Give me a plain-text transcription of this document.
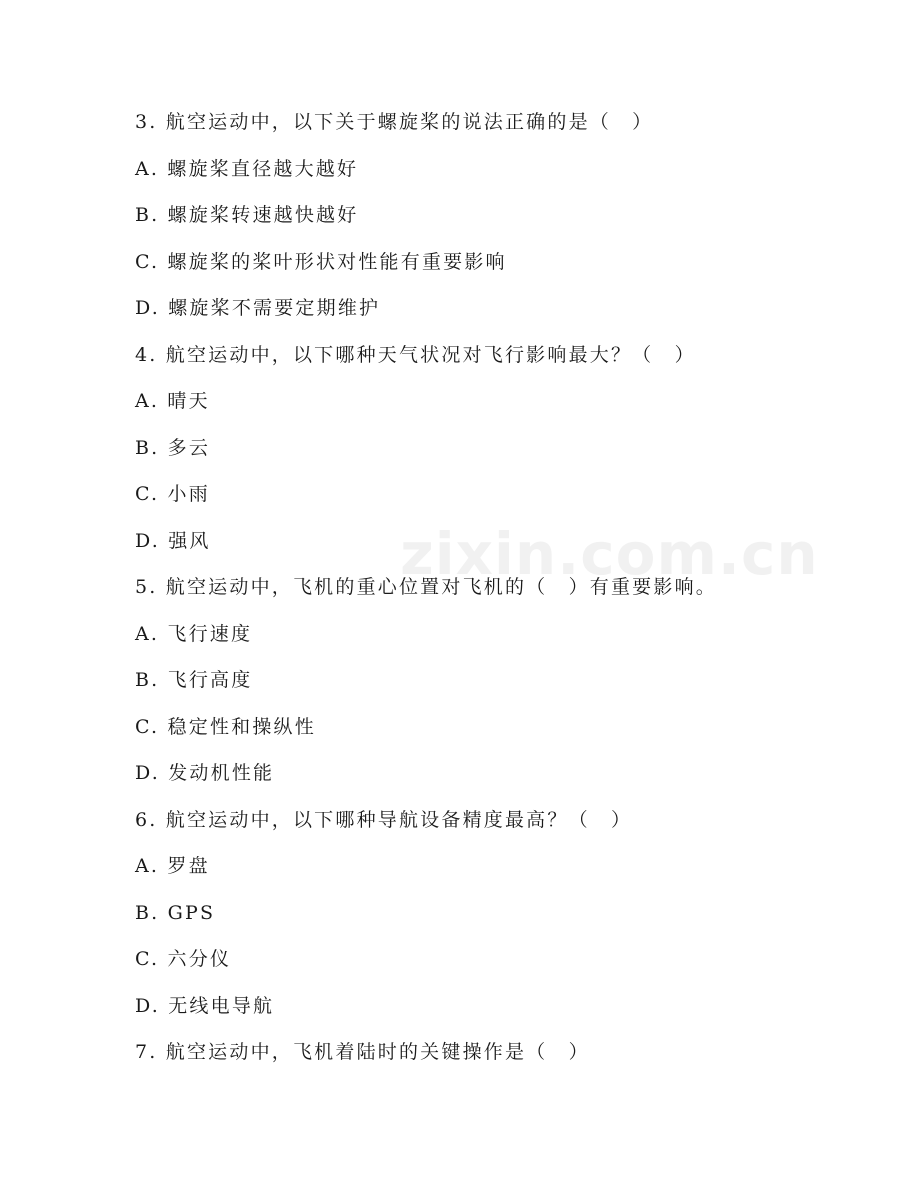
3. 航空运动中，以下关于螺旋桨的说法正确的是（　）
A. 螺旋桨直径越大越好
B. 螺旋桨转速越快越好
C. 螺旋桨的桨叶形状对性能有重要影响
D. 螺旋桨不需要定期维护
4. 航空运动中，以下哪种天气状况对飞行影响最大？（　）
A. 晴天
B. 多云
C. 小雨
D. 强风
5. 航空运动中，飞机的重心位置对飞机的（　）有重要影响。
A. 飞行速度
B. 飞行高度
C. 稳定性和操纵性
D. 发动机性能
6. 航空运动中，以下哪种导航设备精度最高？（　）
A. 罗盘
B. GPS
C. 六分仪
D. 无线电导航
7. 航空运动中，飞机着陆时的关键操作是（　）
zixin.com.cn
